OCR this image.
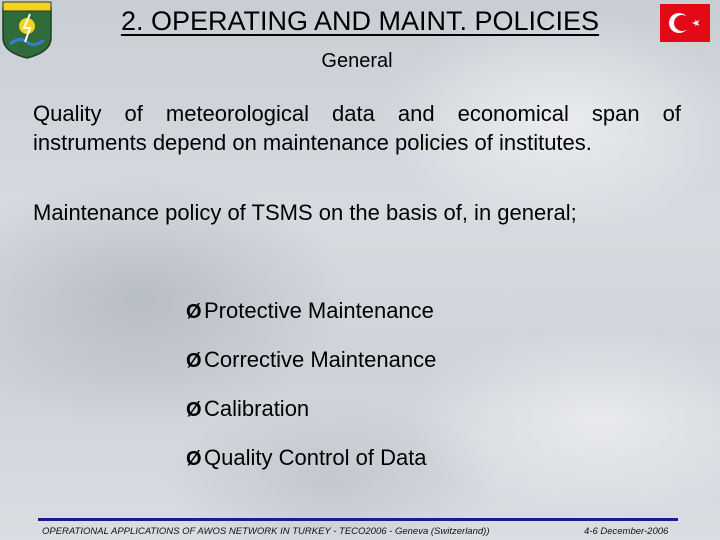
2. OPERATING AND MAINT. POLICIES
General
Quality of meteorological data and economical span of instruments depend on maintenance policies of institutes.
Maintenance policy of TSMS on the basis of, in general;
Ø Protective Maintenance
Ø Corrective Maintenance
Ø Calibration
Ø Quality Control of Data
OPERATIONAL APPLICATIONS OF AWOS NETWORK IN TURKEY - TECO2006 - Geneva (Switzerland))	4-6 December-2006
